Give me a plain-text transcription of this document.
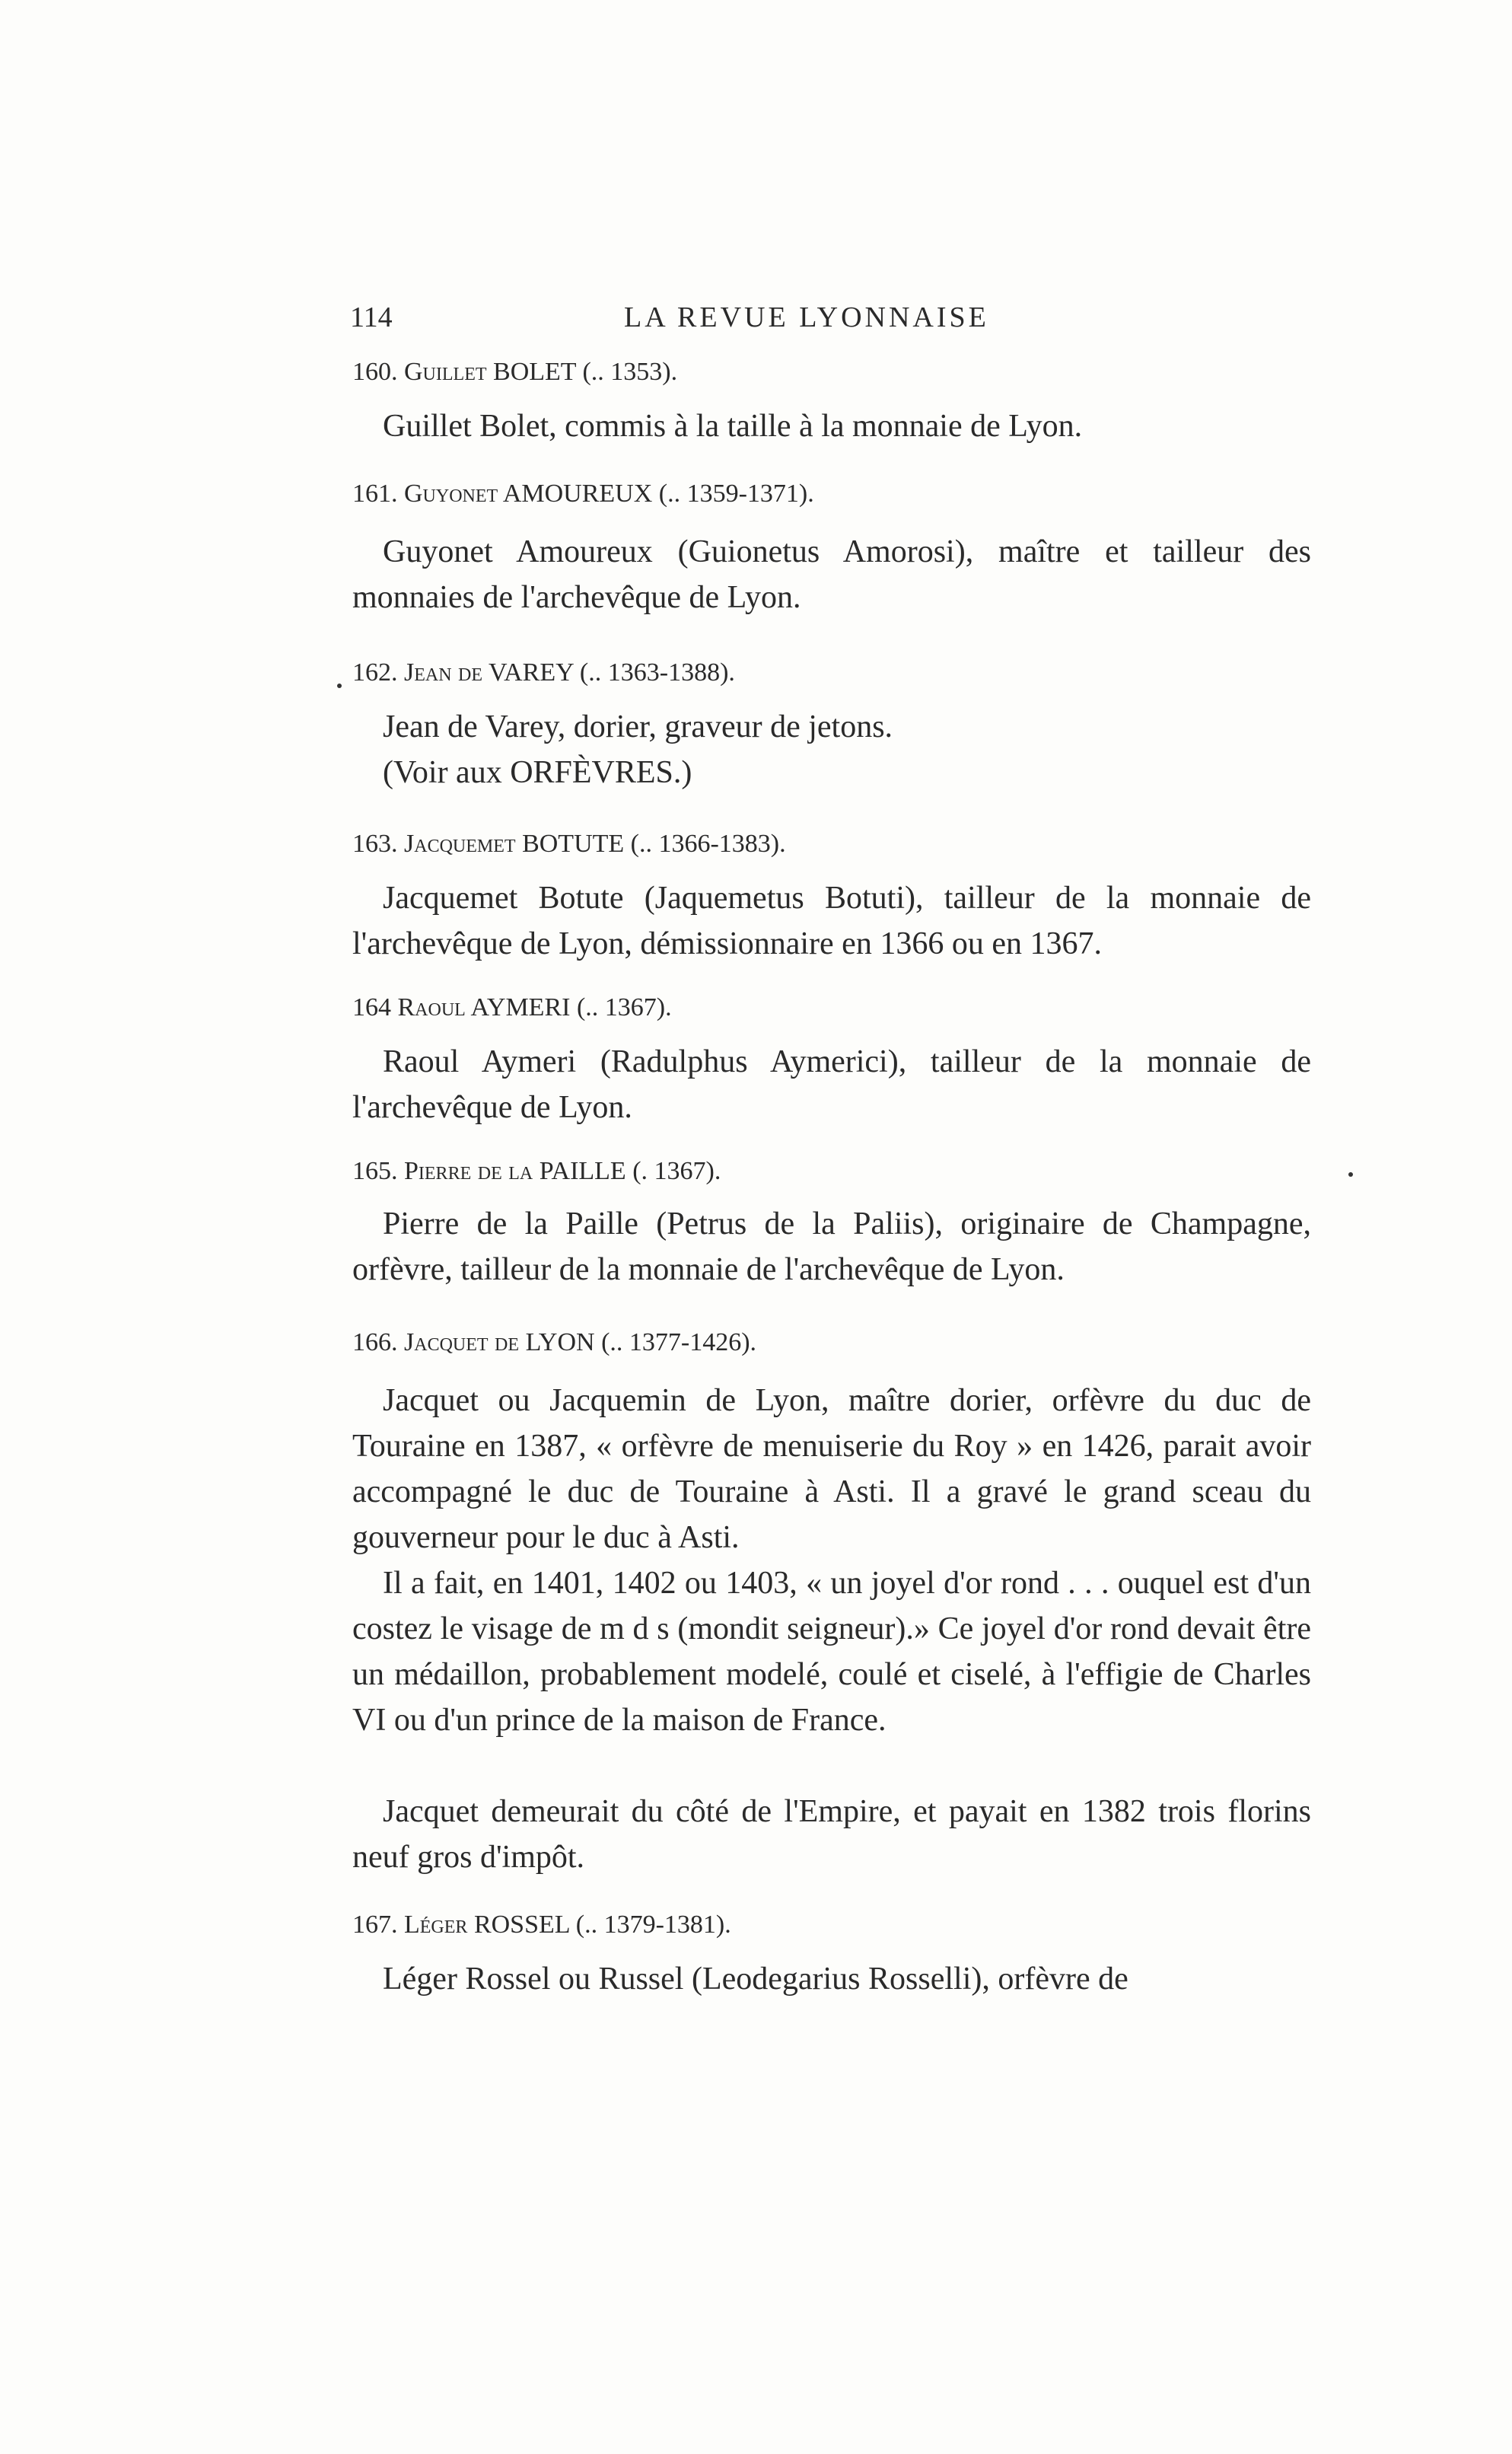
114	LA REVUE LYONNAISE
160. Guillet BOLET (.. 1353).

Guillet Bolet, commis à la taille à la monnaie de Lyon.

161. Guyonet AMOUREUX (.. 1359-1371).

Guyonet Amoureux (Guionetus Amorosi), maître et tailleur des monnaies de l'archevêque de Lyon.

162. Jean de VAREY (.. 1363-1388).

Jean de Varey, dorier, graveur de jetons.

(Voir aux ORFÈVRES.)

163. Jacquemet BOTUTE (.. 1366-1383).

Jacquemet Botute (Jaquemetus Botuti), tailleur de la monnaie de l'archevêque de Lyon, démissionnaire en 1366 ou en 1367.

164 Raoul AYMERI (.. 1367).

Raoul Aymeri (Radulphus Aymerici), tailleur de la monnaie de l'archevêque de Lyon.

165. Pierre de la PAILLE (. 1367).

Pierre de la Paille (Petrus de la Paliis), originaire de Champagne, orfèvre, tailleur de la monnaie de l'archevêque de Lyon.

166. Jacquet de LYON (.. 1377-1426).

Jacquet ou Jacquemin de Lyon, maître dorier, orfèvre du duc de Touraine en 1387, « orfèvre de menuiserie du Roy » en 1426, parait avoir accompagné le duc de Touraine à Asti. Il a gravé le grand sceau du gouverneur pour le duc à Asti.

Il a fait, en 1401, 1402 ou 1403, « un joyel d'or rond . . . ouquel est d'un costez le visage de m d s (mondit seigneur).» Ce joyel d'or rond devait être un médaillon, probablement modelé, coulé et ciselé, à l'effigie de Charles VI ou d'un prince de la maison de France.

Jacquet demeurait du côté de l'Empire, et payait en 1382 trois florins neuf gros d'impôt.

167. Léger ROSSEL (.. 1379-1381).

Léger Rossel ou Russel (Leodegarius Rosselli), orfèvre de
